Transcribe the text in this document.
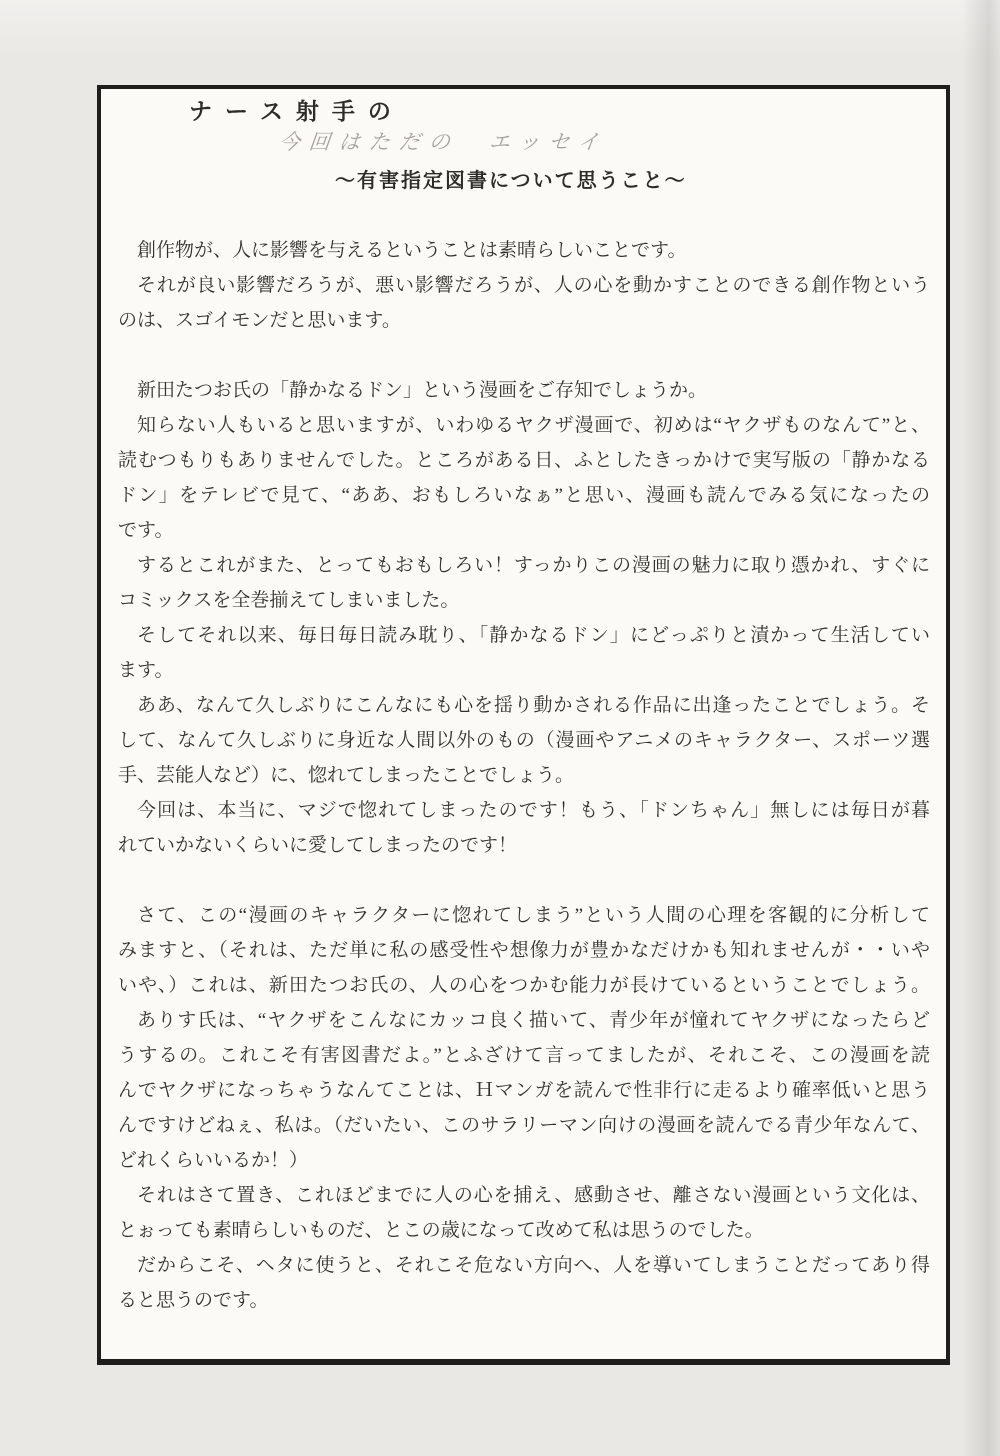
ナース射手の
今回はただの　エッセイ
～有害指定図書について思うこと～
創作物が、人に影響を与えるということは素晴らしいことです。
それが良い影響だろうが、悪い影響だろうが、人の心を動かすことのできる創作物という
のは、スゴイモンだと思います。
新田たつお氏の「静かなるドン」という漫画をご存知でしょうか。
知らない人もいると思いますが、いわゆるヤクザ漫画で、初めは“ヤクザものなんて”と、
読むつもりもありませんでした。ところがある日、ふとしたきっかけで実写版の「静かなる
ドン」をテレビで見て、“ああ、おもしろいなぁ”と思い、漫画も読んでみる気になったの
です。
するとこれがまた、とってもおもしろい！すっかりこの漫画の魅力に取り憑かれ、すぐに
コミックスを全巻揃えてしまいました。
そしてそれ以来、毎日毎日読み耽り、「静かなるドン」にどっぷりと漬かって生活してい
ます。
ああ、なんて久しぶりにこんなにも心を揺り動かされる作品に出逢ったことでしょう。そ
して、なんて久しぶりに身近な人間以外のもの（漫画やアニメのキャラクター、スポーツ選
手、芸能人など）に、惚れてしまったことでしょう。
今回は、本当に、マジで惚れてしまったのです！もう、「ドンちゃん」無しには毎日が暮
れていかないくらいに愛してしまったのです！
さて、この“漫画のキャラクターに惚れてしまう”という人間の心理を客観的に分析して
みますと、（それは、ただ単に私の感受性や想像力が豊かなだけかも知れませんが・・いや
いや、）これは、新田たつお氏の、人の心をつかむ能力が長けているということでしょう。
ありす氏は、“ヤクザをこんなにカッコ良く描いて、青少年が憧れてヤクザになったらど
うするの。これこそ有害図書だよ。”とふざけて言ってましたが、それこそ、この漫画を読
んでヤクザになっちゃうなんてことは、Ｈマンガを読んで性非行に走るより確率低いと思う
んですけどねぇ、私は。（だいたい、このサラリーマン向けの漫画を読んでる青少年なんて、
どれくらいいるか！）
それはさて置き、これほどまでに人の心を捕え、感動させ、離さない漫画という文化は、
とぉっても素晴らしいものだ、とこの歳になって改めて私は思うのでした。
だからこそ、ヘタに使うと、それこそ危ない方向へ、人を導いてしまうことだってあり得
ると思うのです。
